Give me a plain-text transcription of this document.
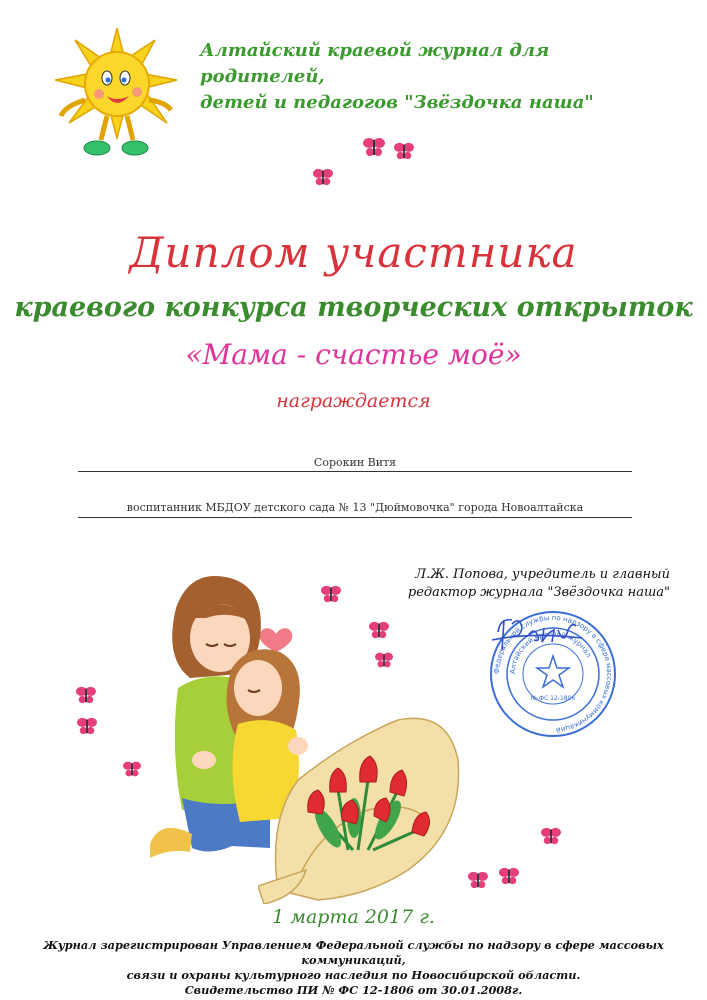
Алтайский краевой журнал для родителей,
детей и педагогов "Звёздочка наша"
Диплом участника
краевого конкурса творческих открыток
«Мама - счастье моё»
награждается
Сорокин Витя
воспитанник МБДОУ детского сада № 13 "Дюймовочка" города Новоалтайска
Л.Ж. Попова, учредитель и главный
редактор журнала "Звёздочка наша"
Федеральной службы по надзору в сфере массовых коммуникаций
Алтайский краевой журнал
№ ФС 12-1806
1 марта 2017 г.
Журнал зарегистрирован Управлением Федеральной службы по надзору в сфере массовых коммуникаций,
связи и охраны культурного наследия по Новосибирской области.
Свидетельство ПИ № ФС 12-1806 от 30.01.2008г.
